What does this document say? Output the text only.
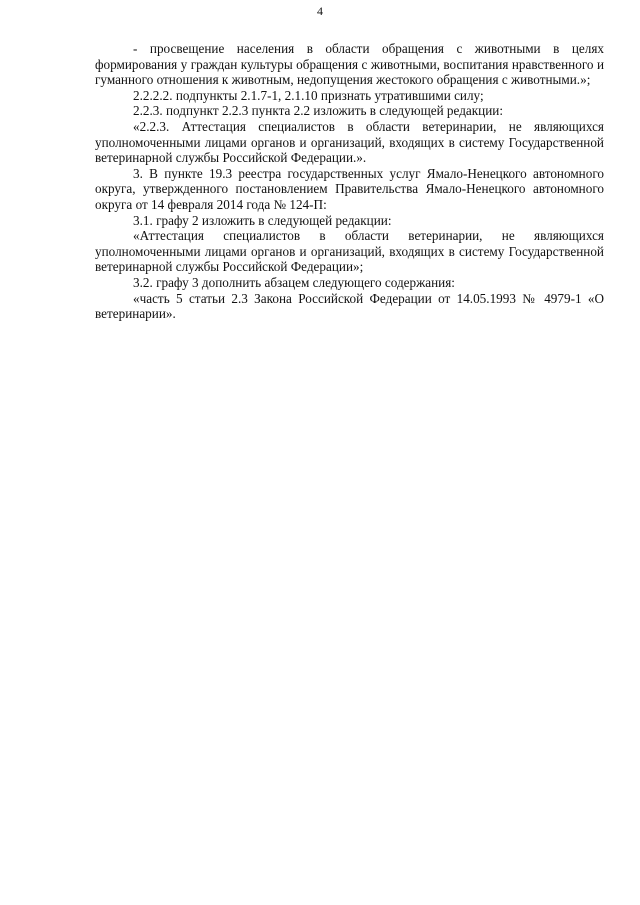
4

- просвещение населения в области обращения с животными в целях формирования у граждан культуры обращения с животными, воспитания нравственного и гуманного отношения к животным, недопущения жестокого обращения с животными.»;

2.2.2.2. подпункты 2.1.7-1, 2.1.10 признать утратившими силу;

2.2.3. подпункт 2.2.3 пункта 2.2 изложить в следующей редакции:

«2.2.3. Аттестация специалистов в области ветеринарии, не являющихся уполномоченными лицами органов и организаций, входящих в систему Государственной ветеринарной службы Российской Федерации.».

3. В пункте 19.3 реестра государственных услуг Ямало-Ненецкого автономного округа, утвержденного постановлением Правительства Ямало-Ненецкого автономного округа от 14 февраля 2014 года № 124-П:

3.1. графу 2 изложить в следующей редакции:

«Аттестация специалистов в области ветеринарии, не являющихся уполномоченными лицами органов и организаций, входящих в систему Государственной ветеринарной службы Российской Федерации»;

3.2. графу 3 дополнить абзацем следующего содержания:

«часть 5 статьи 2.3 Закона Российской Федерации от 14.05.1993 № 4979-1 «О ветеринарии».
